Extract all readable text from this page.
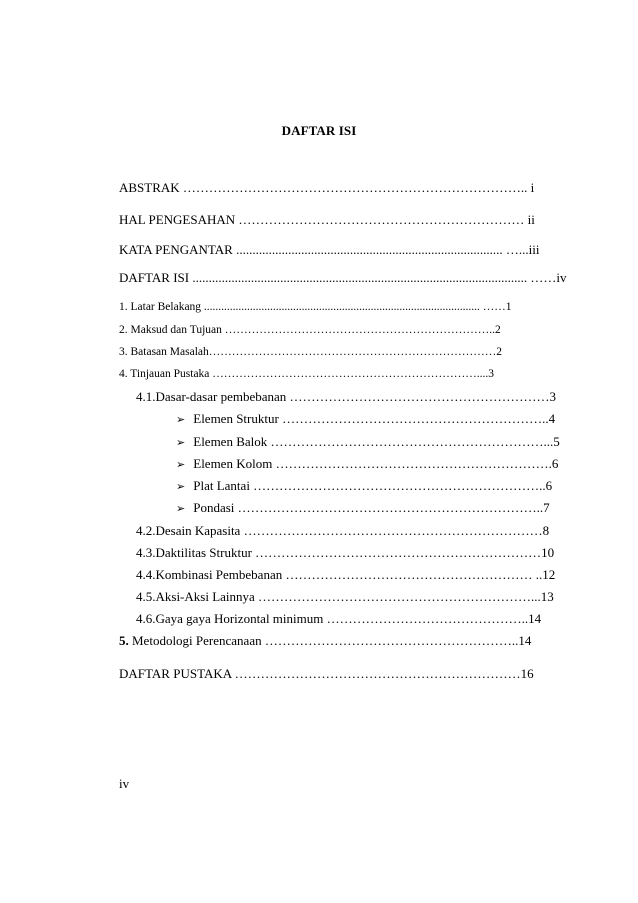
DAFTAR ISI
ABSTRAK …………………………………………………………………….. i
HAL PENGESAHAN ………………………………………………………… ii
KATA PENGANTAR .................................................................................. …...iii
DAFTAR ISI ....................................................................................................... ……iv
1. Latar Belakang ................................................................................................ ……1
2. Maksud dan Tujuan ……………………………………………………………..2
3. Batasan Masalah…………………………………………………………………2
4. Tinjauan Pustaka ……………………………………………………………....3
4.1.Dasar-dasar pembebanan ……………………………………………………3
➢ Elemen Struktur ……………………………………………………..4
➢ Elemen Balok ………………………………………………………...5
➢ Elemen Kolom ……………………………………………………….6
➢ Plat Lantai …………………………………………………………..6
➢ Pondasi ……………………………………………………………..7
4.2.Desain Kapasita ……………………………………………………………8
4.3.Daktilitas Struktur …………………………………………………………10
4.4.Kombinasi Pembebanan ………………………………………………… ..12
4.5.Aksi-Aksi Lainnya ………………………………………………………...13
4.6.Gaya gaya Horizontal minimum ………………………………………..14
5. Metodologi Perencanaan …………………………………………………..14
DAFTAR PUSTAKA …………………………………………………………16
iv
